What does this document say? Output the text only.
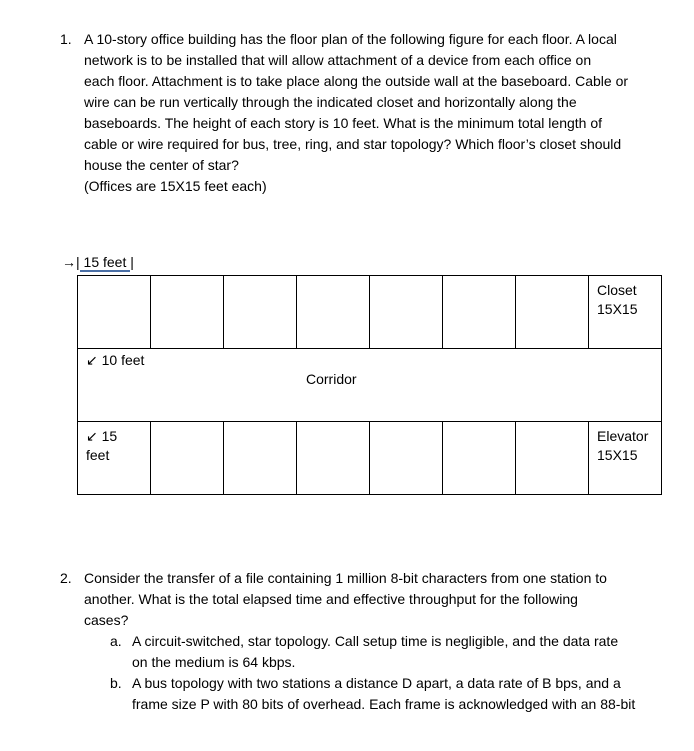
1. A 10-story office building has the floor plan of the following figure for each floor. A local
network is to be installed that will allow attachment of a device from each office on
each floor. Attachment is to take place along the outside wall at the baseboard. Cable or
wire can be run vertically through the indicated closet and horizontally along the
baseboards. The height of each story is 10 feet. What is the minimum total length of
cable or wire required for bus, tree, ring, and star topology? Which floor’s closet should
house the center of star?
(Offices are 15X15 feet each)
→| 15 feet |

							Closet
15X15

↙ 10 feet
Corridor							

↙ 15
feet							Elevator
15X15
2. Consider the transfer of a file containing 1 million 8-bit characters from one station to
another. What is the total elapsed time and effective throughput for the following
cases?
a. A circuit-switched, star topology. Call setup time is negligible, and the data rate
on the medium is 64 kbps.
b. A bus topology with two stations a distance D apart, a data rate of B bps, and a
frame size P with 80 bits of overhead. Each frame is acknowledged with an 88-bit
